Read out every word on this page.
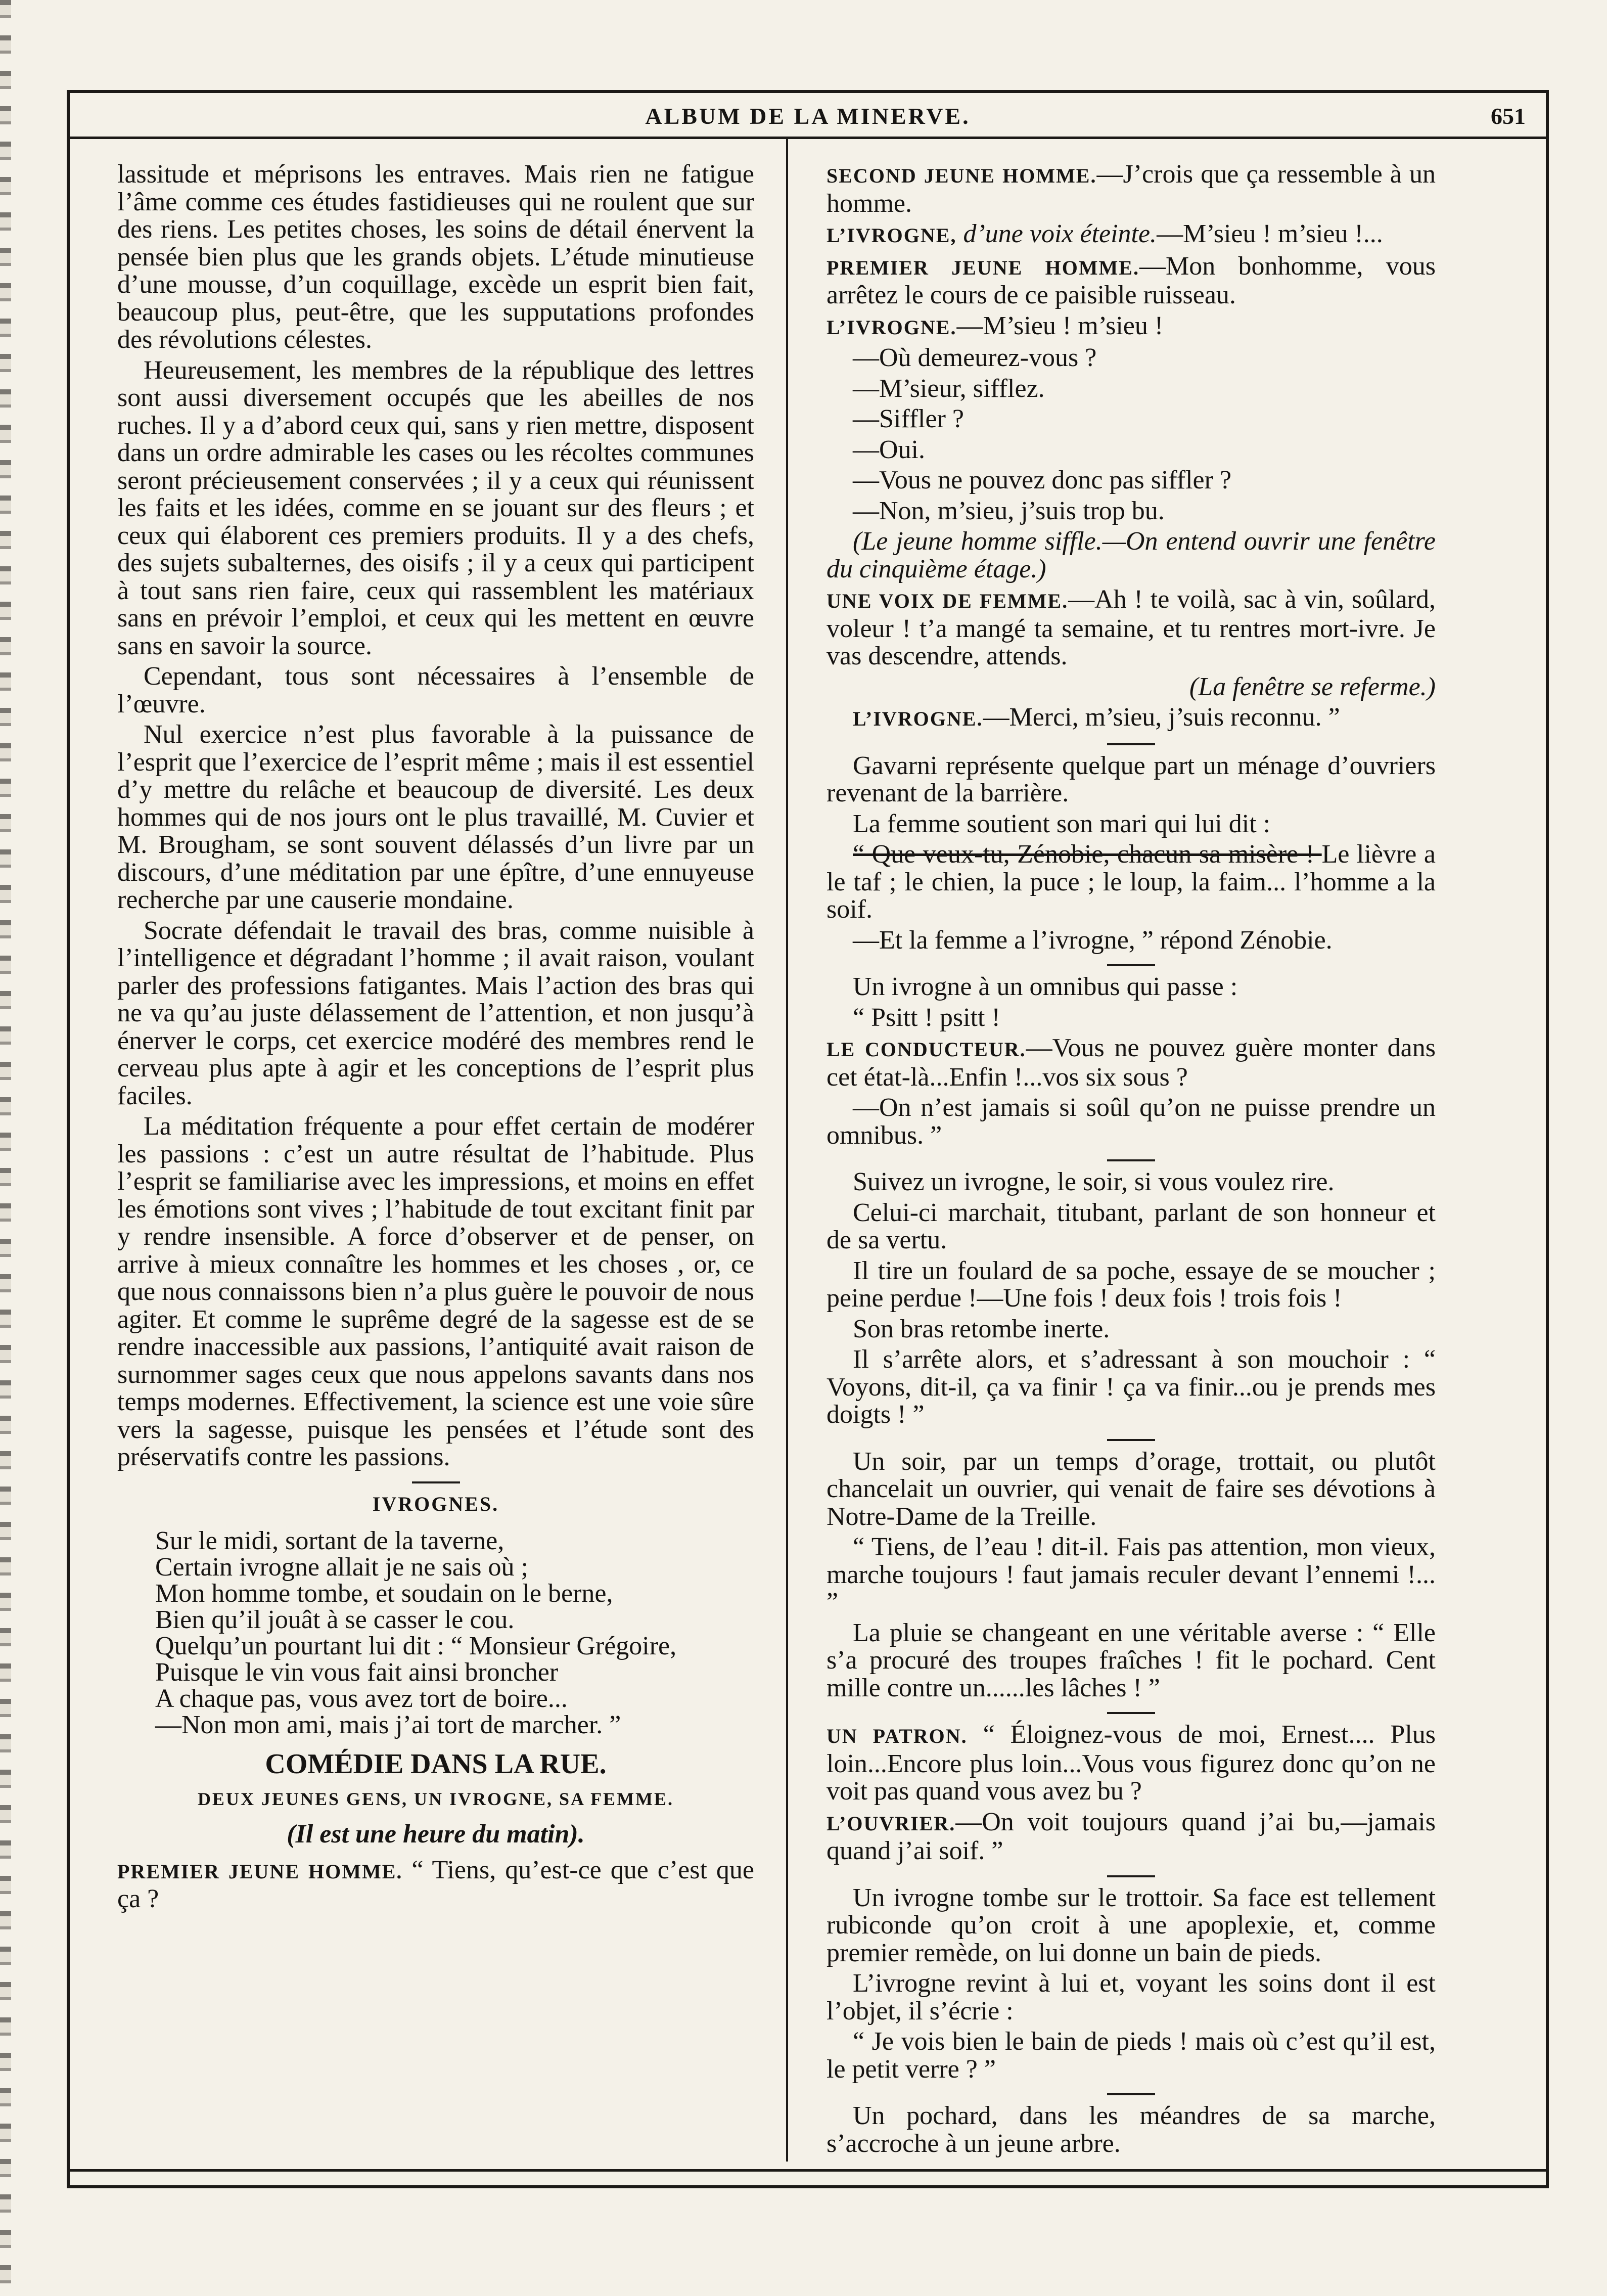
ALBUM DE LA MINERVE.	651

lassitude et méprisons les entraves. Mais rien ne fatigue l’âme comme ces études fastidieuses qui ne roulent que sur des riens. Les petites choses, les soins de détail énervent la pensée bien plus que les grands objets. L’étude minutieuse d’une mousse, d’un coquillage, excède un esprit bien fait, beaucoup plus, peut-être, que les supputations profondes des révolutions célestes.

Heureusement, les membres de la république des lettres sont aussi diversement occupés que les abeilles de nos ruches. Il y a d’abord ceux qui, sans y rien mettre, disposent dans un ordre admirable les cases ou les récoltes communes seront précieusement conservées ; il y a ceux qui réunissent les faits et les idées, comme en se jouant sur des fleurs ; et ceux qui élaborent ces premiers produits. Il y a des chefs, des sujets subalternes, des oisifs ; il y a ceux qui participent à tout sans rien faire, ceux qui rassemblent les matériaux sans en prévoir l’emploi, et ceux qui les mettent en œuvre sans en savoir la source.

Cependant, tous sont nécessaires à l’ensemble de l’œuvre.

Nul exercice n’est plus favorable à la puissance de l’esprit que l’exercice de l’esprit même ; mais il est essentiel d’y mettre du relâche et beaucoup de diversité. Les deux hommes qui de nos jours ont le plus travaillé, M. Cuvier et M. Brougham, se sont souvent délassés d’un livre par un discours, d’une méditation par une épître, d’une ennuyeuse recherche par une causerie mondaine.

Socrate défendait le travail des bras, comme nuisible à l’intelligence et dégradant l’homme ; il avait raison, voulant parler des professions fatigantes. Mais l’action des bras qui ne va qu’au juste délassement de l’attention, et non jusqu’à énerver le corps, cet exercice modéré des membres rend le cerveau plus apte à agir et les conceptions de l’esprit plus faciles.

La méditation fréquente a pour effet certain de modérer les passions : c’est un autre résultat de l’habitude. Plus l’esprit se familiarise avec les impressions, et moins en effet les émotions sont vives ; l’habitude de tout excitant finit par y rendre insensible. A force d’observer et de penser, on arrive à mieux connaître les hommes et les choses , or, ce que nous connaissons bien n’a plus guère le pouvoir de nous agiter. Et comme le suprême degré de la sagesse est de se rendre inaccessible aux passions, l’antiquité avait raison de surnommer sages ceux que nous appelons savants dans nos temps modernes. Effectivement, la science est une voie sûre vers la sagesse, puisque les pensées et l’étude sont des préservatifs contre les passions.

IVROGNES.
Sur le midi, sortant de la taverne,
Certain ivrogne allait je ne sais où ;
Mon homme tombe, et soudain on le berne,
Bien qu’il jouât à se casser le cou.
Quelqu’un pourtant lui dit : “ Monsieur Grégoire,
Puisque le vin vous fait ainsi broncher
A chaque pas, vous avez tort de boire...
—Non mon ami, mais j’ai tort de marcher. ”
COMÉDIE DANS LA RUE.
DEUX JEUNES GENS, UN IVROGNE, SA FEMME.
(Il est une heure du matin).

PREMIER JEUNE HOMME. “ Tiens, qu’est-ce que c’est que ça ?

SECOND JEUNE HOMME.—J’crois que ça ressemble à un homme.

L’IVROGNE, d’une voix éteinte.—M’sieu ! m’sieu !...

PREMIER JEUNE HOMME.—Mon bonhomme, vous arrêtez le cours de ce paisible ruisseau.

L’IVROGNE.—M’sieu ! m’sieu !

—Où demeurez-vous ?

—M’sieur, sifflez.

—Siffler ?

—Oui.

—Vous ne pouvez donc pas siffler ?

—Non, m’sieu, j’suis trop bu.

(Le jeune homme siffle.—On entend ouvrir une fenêtre du cinquième étage.)

UNE VOIX DE FEMME.—Ah ! te voilà, sac à vin, soûlard, voleur ! t’a mangé ta semaine, et tu rentres mort-ivre. Je vas descendre, attends.

(La fenêtre se referme.)

L’IVROGNE.—Merci, m’sieu, j’suis reconnu. ”

Gavarni représente quelque part un ménage d’ouvriers revenant de la barrière.

La femme soutient son mari qui lui dit :

“ Que veux-tu, Zénobie, chacun sa misère ! Le lièvre a le taf ; le chien, la puce ; le loup, la faim... l’homme a la soif.

—Et la femme a l’ivrogne, ” répond Zénobie.

Un ivrogne à un omnibus qui passe :

“ Psitt ! psitt !

LE CONDUCTEUR.—Vous ne pouvez guère monter dans cet état-là...Enfin !...vos six sous ?

—On n’est jamais si soûl qu’on ne puisse prendre un omnibus. ”

Suivez un ivrogne, le soir, si vous voulez rire.

Celui-ci marchait, titubant, parlant de son honneur et de sa vertu.

Il tire un foulard de sa poche, essaye de se moucher ; peine perdue !—Une fois ! deux fois ! trois fois !

Son bras retombe inerte.

Il s’arrête alors, et s’adressant à son mouchoir : “ Voyons, dit-il, ça va finir ! ça va finir...ou je prends mes doigts ! ”

Un soir, par un temps d’orage, trottait, ou plutôt chancelait un ouvrier, qui venait de faire ses dévotions à Notre-Dame de la Treille.

“ Tiens, de l’eau ! dit-il. Fais pas attention, mon vieux, marche toujours ! faut jamais reculer devant l’ennemi !... ”

La pluie se changeant en une véritable averse : “ Elle s’a procuré des troupes fraîches ! fit le pochard. Cent mille contre un......les lâches ! ”

UN PATRON. “ Éloignez-vous de moi, Ernest.... Plus loin...Encore plus loin...Vous vous figurez donc qu’on ne voit pas quand vous avez bu ?

L’OUVRIER.—On voit toujours quand j’ai bu,—jamais quand j’ai soif. ”

Un ivrogne tombe sur le trottoir. Sa face est tellement rubiconde qu’on croit à une apoplexie, et, comme premier remède, on lui donne un bain de pieds.

L’ivrogne revint à lui et, voyant les soins dont il est l’objet, il s’écrie :

“ Je vois bien le bain de pieds ! mais où c’est qu’il est, le petit verre ? ”

Un pochard, dans les méandres de sa marche, s’accroche à un jeune arbre.
